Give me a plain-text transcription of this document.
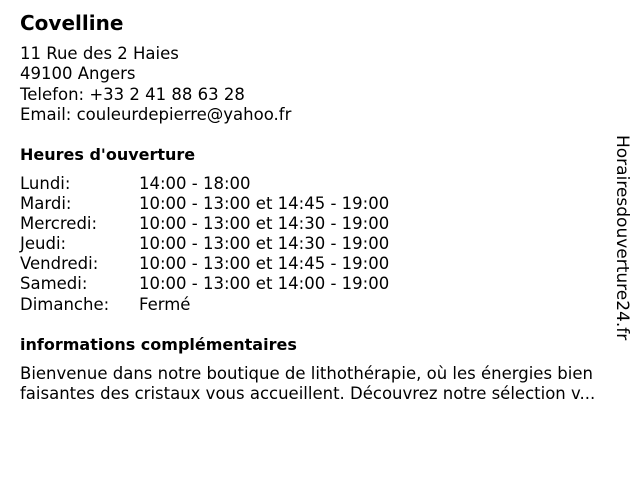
Covelline
11 Rue des 2 Haies
49100 Angers
Telefon: +33 2 41 88 63 28
Email: couleurdepierre@yahoo.fr
Heures d'ouverture
Lundi:	14:00 - 18:00
Mardi:	10:00 - 13:00 et 14:45 - 19:00
Mercredi:	10:00 - 13:00 et 14:30 - 19:00
Jeudi:	10:00 - 13:00 et 14:30 - 19:00
Vendredi: 10:00 - 13:00 et 14:45 - 19:00
Samedi:	10:00 - 13:00 et 14:00 - 19:00
Dimanche: Fermé
informations complémentaires

Bienvenue dans notre boutique de lithothérapie, où les énergies bien faisantes des cristaux vous accueillent. Découvrez notre sélection v...

Horairesdouverture24.fr
